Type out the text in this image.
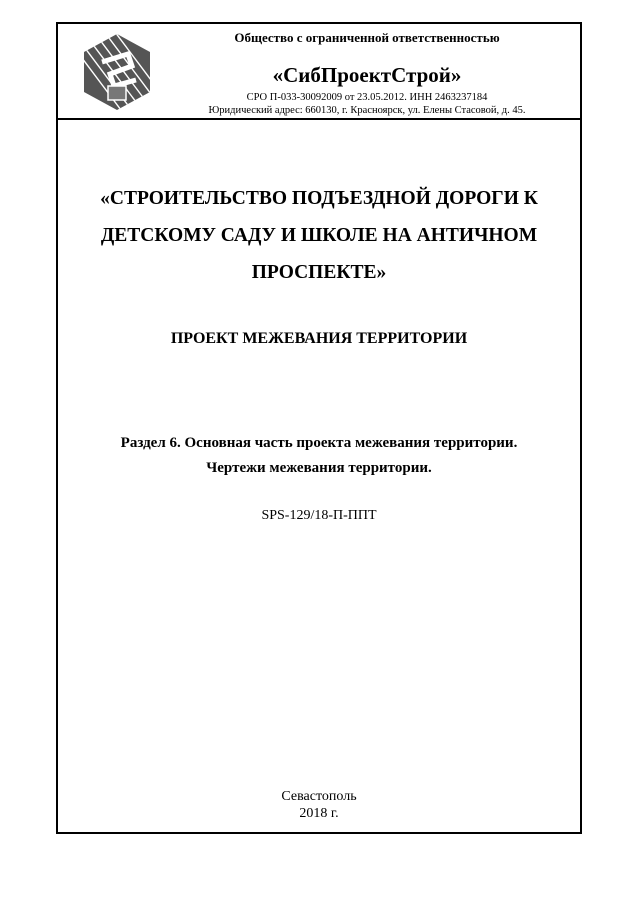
Общество с ограниченной ответственностью
«СибПроектСтрой»
СРО П-033-30092009 от 23.05.2012. ИНН 2463237184
Юридический адрес: 660130, г. Красноярск, ул. Елены Стасовой, д. 45.
«СТРОИТЕЛЬСТВО ПОДЪЕЗДНОЙ ДОРОГИ К
ДЕТСКОМУ САДУ И ШКОЛЕ НА АНТИЧНОМ
ПРОСПЕКТЕ»
ПРОЕКТ МЕЖЕВАНИЯ ТЕРРИТОРИИ
Раздел 6. Основная часть проекта межевания территории.
Чертежи межевания территории.
SPS-129/18-П-ППТ
Севастополь
2018 г.
